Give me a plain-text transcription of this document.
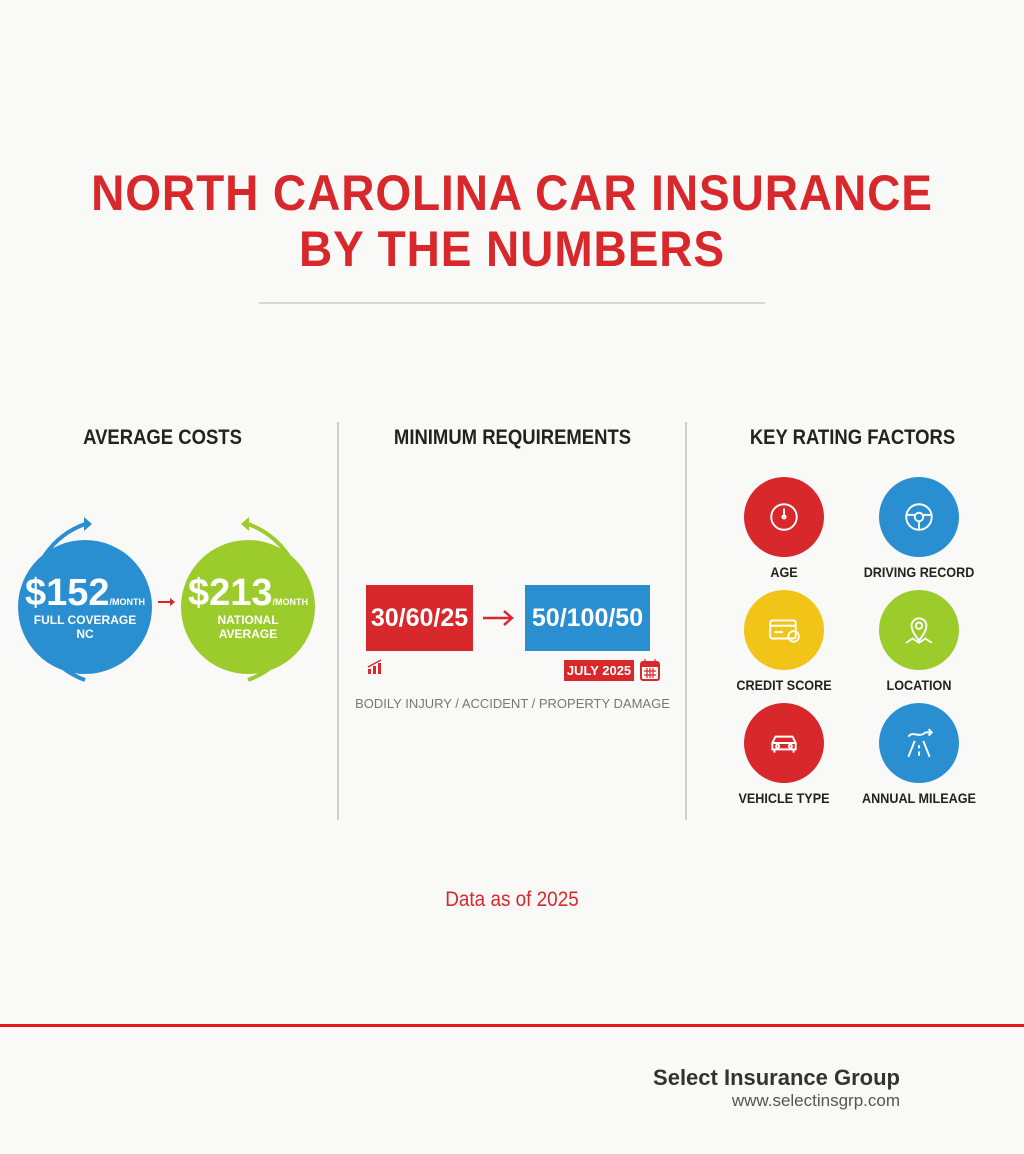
NORTH CAROLINA CAR INSURANCE
BY THE NUMBERS
AVERAGE COSTS
$152/MONTH
FULL COVERAGE
NC
$213/MONTH
NATIONAL
AVERAGE
MINIMUM REQUIREMENTS
30/60/25	50/100/50
JULY 2025
BODILY INJURY / ACCIDENT / PROPERTY DAMAGE
KEY RATING FACTORS
AGE	DRIVING RECORD
CREDIT SCORE	LOCATION
VEHICLE TYPE	ANNUAL MILEAGE
Data as of 2025
Select Insurance Group
www.selectinsgrp.com
